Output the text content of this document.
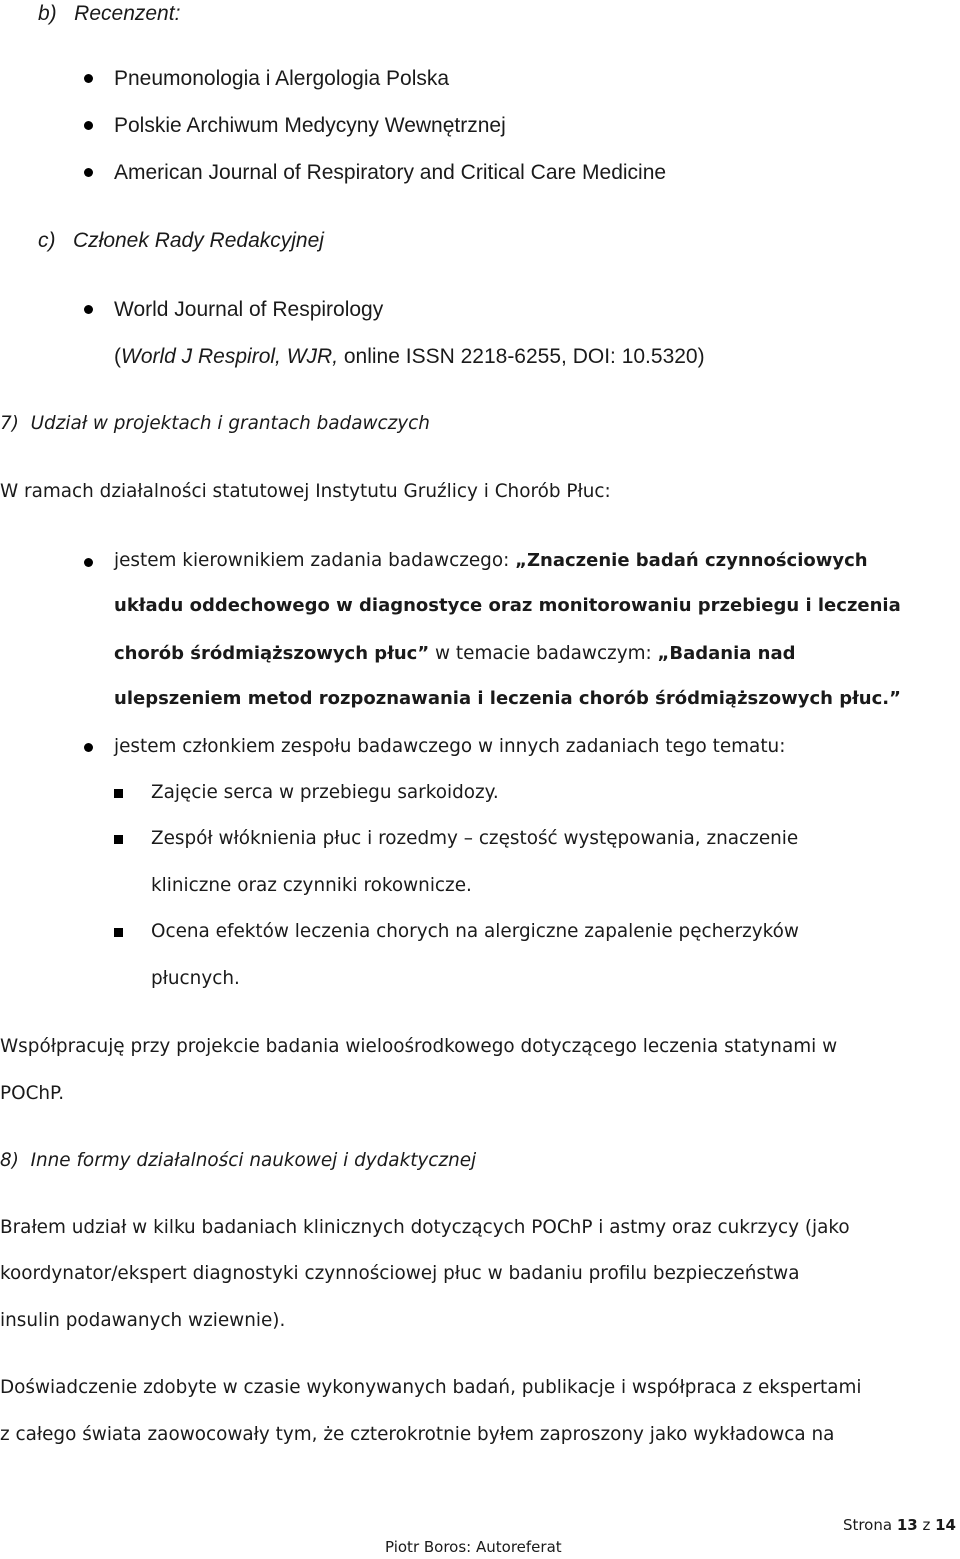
b)   Recenzent:
Pneumonologia i Alergologia Polska
Polskie Archiwum Medycyny Wewnętrznej
American Journal of Respiratory and Critical Care Medicine
c)   Członek Rady Redakcyjnej
World Journal of Respirology
(World J Respirol, WJR, online ISSN 2218-6255, DOI: 10.5320)
7)  Udział w projektach i grantach badawczych
W ramach działalności statutowej Instytutu Gruźlicy i Chorób Płuc:
jestem kierownikiem zadania badawczego: „Znaczenie badań czynnościowych
układu oddechowego w diagnostyce oraz monitorowaniu przebiegu i leczenia
chorób śródmiąższowych płuc” w temacie badawczym: „Badania nad
ulepszeniem metod rozpoznawania i leczenia chorób śródmiąższowych płuc.”
jestem członkiem zespołu badawczego w innych zadaniach tego tematu:
Zajęcie serca w przebiegu sarkoidozy.
Zespół włóknienia płuc i rozedmy – częstość występowania, znaczenie
kliniczne oraz czynniki rokownicze.
Ocena efektów leczenia chorych na alergiczne zapalenie pęcherzyków
płucnych.
Współpracuję przy projekcie badania wieloośrodkowego dotyczącego leczenia statynami w
POChP.
8)  Inne formy działalności naukowej i dydaktycznej
Brałem udział w kilku badaniach klinicznych dotyczących POChP i astmy oraz cukrzycy (jako
koordynator/ekspert diagnostyki czynnościowej płuc w badaniu profilu bezpieczeństwa
insulin podawanych wziewnie).
Doświadczenie zdobyte w czasie wykonywanych badań, publikacje i współpraca z ekspertami
z całego świata zaowocowały tym, że czterokrotnie byłem zaproszony jako wykładowca na
Strona 13 z 14
Piotr Boros: Autoreferat
